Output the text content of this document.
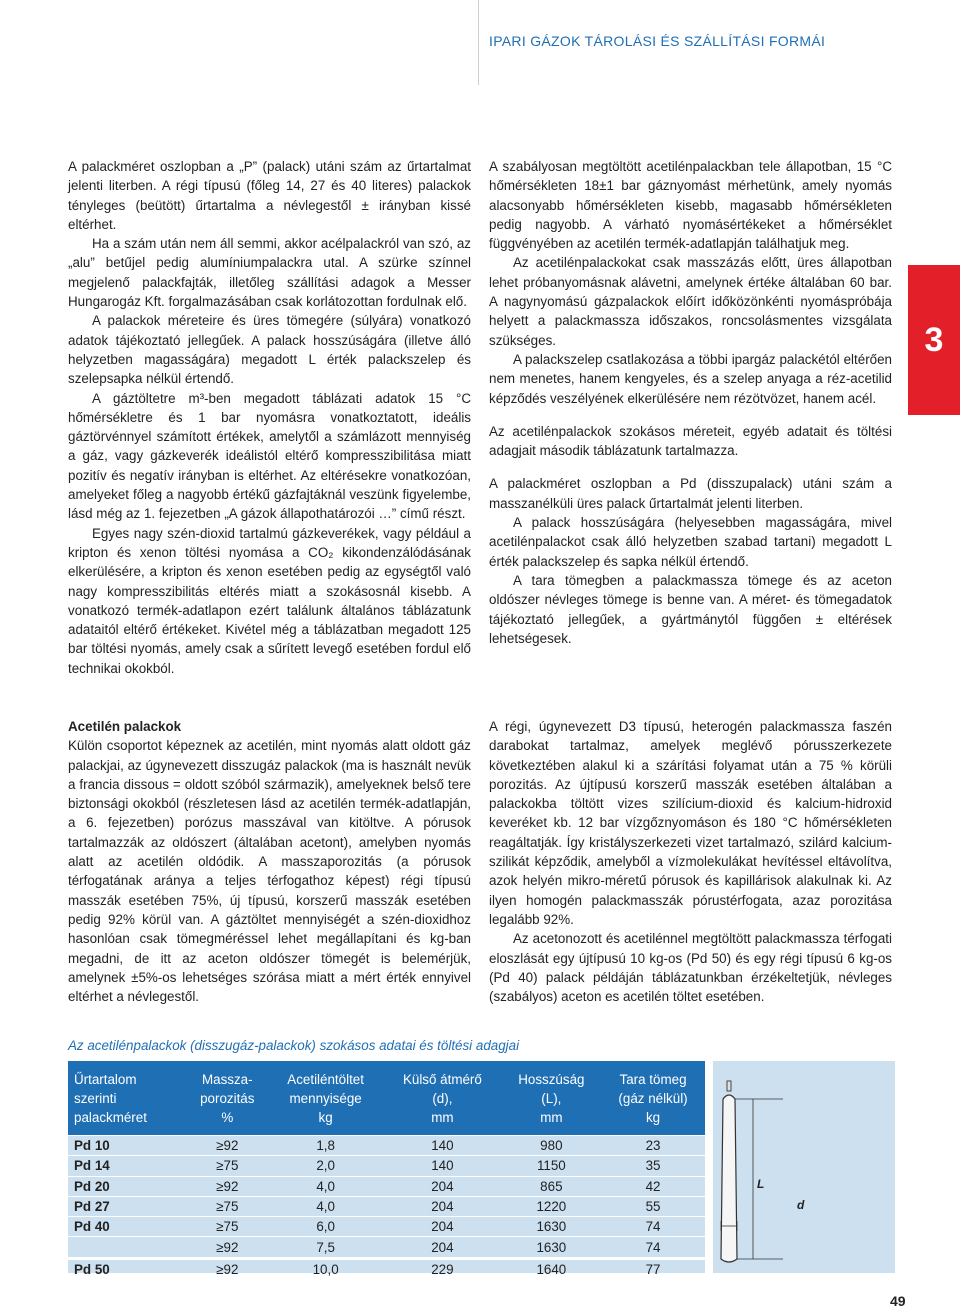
IPARI GÁZOK TÁROLÁSI ÉS SZÁLLÍTÁSI FORMÁI
3

A palackméret oszlopban a „P” (palack) utáni szám az űrtartalmat jelenti literben. A régi típusú (főleg 14, 27 és 40 literes) palackok tényleges (beütött) űrtartalma a névlegestől ± irányban kissé eltérhet.

Ha a szám után nem áll semmi, akkor acélpalackról van szó, az „alu” betűjel pedig alumíniumpalackra utal. A szürke színnel megjelenő palackfajták, illetőleg szállítási adagok a Messer Hungarogáz Kft. forgalmazásában csak korlátozottan fordulnak elő.

A palackok méreteire és üres tömegére (súlyára) vonatkozó adatok tájékoztató jellegűek. A palack hosszúságára (illetve álló helyzetben magasságára) megadott L érték palackszelep és szelepsapka nélkül értendő.

A gáztöltetre m³-ben megadott táblázati adatok 15 °C hőmérsékletre és 1 bar nyomásra vonatkoztatott, ideális gáztörvénnyel számított értékek, amelytől a számlázott mennyiség a gáz, vagy gázkeverék ideálistól eltérő kompresszibilitása miatt pozitív és negatív irányban is eltérhet. Az eltérésekre vonatkozóan, amelyeket főleg a nagyobb értékű gázfajtáknál veszünk figyelembe, lásd még az 1. fejezetben „A gázok állapothatározói …” című részt.

Egyes nagy szén-dioxid tartalmú gázkeverékek, vagy például a kripton és xenon töltési nyomása a CO₂ kikondenzálódásának elkerülésére, a kripton és xenon esetében pedig az egységtől való nagy kompresszibilitás eltérés miatt a szokásosnál kisebb. A vonatkozó termék-adatlapon ezért találunk általános táblázatunk adataitól eltérő értékeket. Kivétel még a táblázatban megadott 125 bar töltési nyomás, amely csak a sűrített levegő esetében fordul elő technikai okokból.

Acetilén palackok

Külön csoportot képeznek az acetilén, mint nyomás alatt oldott gáz palackjai, az úgynevezett disszugáz palackok (ma is használt nevük a francia dissous = oldott szóból származik), amelyeknek belső tere biztonsági okokból (részletesen lásd az acetilén termék-adatlapján, a 6. fejezetben) porózus masszával van kitöltve. A pórusok tartalmazzák az oldószert (általában acetont), amelyben nyomás alatt az acetilén oldódik. A masszaporozitás (a pórusok térfogatának aránya a teljes térfogathoz képest) régi típusú masszák esetében 75%, új típusú, korszerű masszák esetében pedig 92% körül van. A gáztöltet mennyiségét a szén-dioxidhoz hasonlóan csak tömegméréssel lehet megállapítani és kg-ban megadni, de itt az aceton oldószer tömegét is belemérjük, amelynek ±5%-os lehetséges szórása miatt a mért érték ennyivel eltérhet a névlegestől.

A szabályosan megtöltött acetilénpalackban tele állapotban, 15 °C hőmérsékleten 18±1 bar gáznyomást mérhetünk, amely nyomás alacsonyabb hőmérsékleten kisebb, magasabb hőmérsékleten pedig nagyobb. A várható nyomásértékeket a hőmérséklet függvényében az acetilén termék-adatlapján találhatjuk meg.

Az acetilénpalackokat csak masszázás előtt, üres állapotban lehet próbanyomásnak alávetni, amelynek értéke általában 60 bar. A nagynyomású gázpalackok előírt időközönkénti nyomáspróbája helyett a palackmassza időszakos, roncsolásmentes vizsgálata szükséges.

A palackszelep csatlakozása a többi ipargáz palackétól eltérően nem menetes, hanem kengyeles, és a szelep anyaga a réz-acetilid képződés veszélyének elkerülésére nem rézötvözet, hanem acél.

Az acetilénpalackok szokásos méreteit, egyéb adatait és töltési adagjait második táblázatunk tartalmazza.

A palackméret oszlopban a Pd (disszupalack) utáni szám a masszanélküli üres palack űrtartalmát jelenti literben.

A palack hosszúságára (helyesebben magasságára, mivel acetilénpalackot csak álló helyzetben szabad tartani) megadott L érték palackszelep és sapka nélkül értendő.

A tara tömegben a palackmassza tömege és az aceton oldószer névleges tömege is benne van. A méret- és tömegadatok tájékoztató jellegűek, a gyártmánytól függően ± eltérések lehetségesek.

A régi, úgynevezett D3 típusú, heterogén palackmassza faszén darabokat tartalmaz, amelyek meglévő pórusszerkezete következtében alakul ki a szárítási folyamat után a 75 % körüli porozitás. Az újtípusú korszerű masszák esetében általában a palackokba töltött vizes szilícium-dioxid és kalcium-hidroxid keveréket kb. 12 bar vízgőznyomáson és 180 °C hőmérsékleten reagáltatják. Így kristályszerkezeti vizet tartalmazó, szilárd kalcium-szilikát képződik, amelyből a vízmolekulákat hevítéssel eltávolítva, azok helyén mikro-méretű pórusok és kapillárisok alakulnak ki. Az ilyen homogén palackmasszák pórustérfogata, azaz porozitása legalább 92%.

Az acetonozott és acetilénnel megtöltött palackmassza térfogati eloszlását egy újtípusú 10 kg-os (Pd 50) és egy régi típusú 6 kg-os (Pd 40) palack példáján táblázatunkban érzékeltetjük, névleges (szabályos) aceton es acetilén töltet esetében.

Az acetilénpalackok (disszugáz-palackok) szokásos adatai és töltési adagjai
Űrtartalom
szerinti
palackméret	Massza-
porozitás
%	Acetiléntöltet
mennyisége
kg	Külső átmérő
(d),
mm	Hosszúság
(L),
mm	Tara tömeg
(gáz nélkül)
kg
Pd 10	≥92	1,8	140	980	23
Pd 14	≥75	2,0	140	1150	35
Pd 20	≥92	4,0	204	865	42
Pd 27	≥75	4,0	204	1220	55
Pd 40	≥75	6,0	204	1630	74
	≥92	7,5	204	1630	74
Pd 50	≥92	10,0	229	1640	77
L
d
49
